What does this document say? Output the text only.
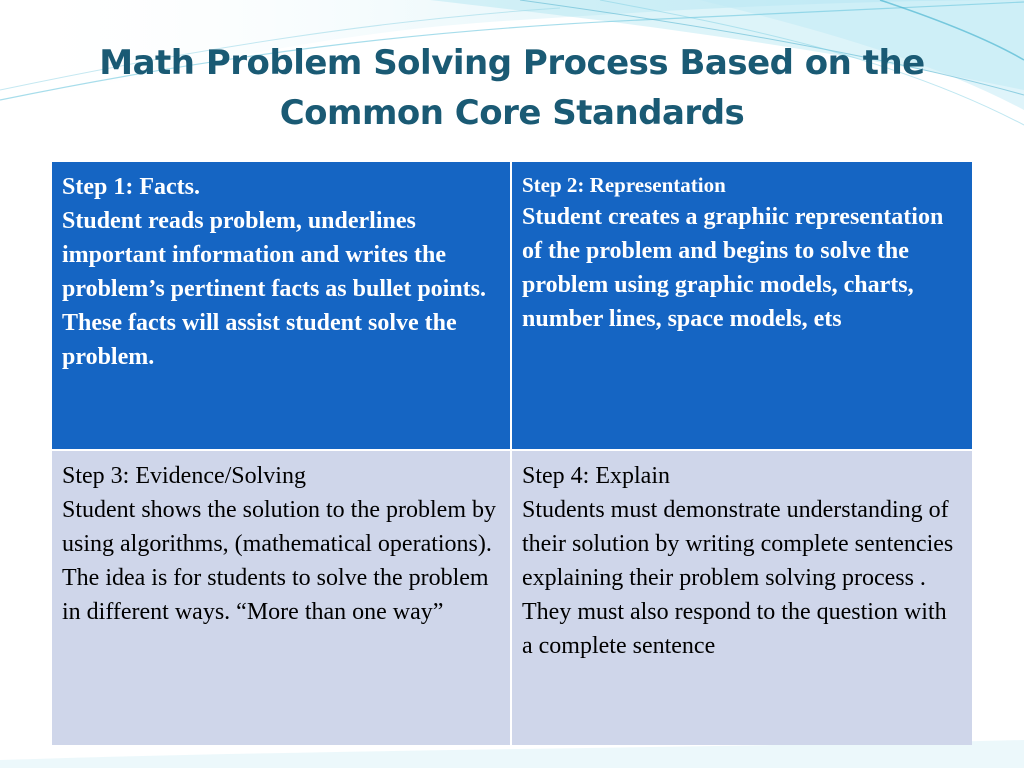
Math Problem Solving Process Based on the
Common Core Standards
Step 1: Facts.
Student reads problem, underlines important information and writes the problem’s pertinent facts as bullet points. These facts will assist student solve the problem.
Step 2: Representation
Student creates a graphiic representation of the problem and begins to solve the problem using graphic models, charts, number lines, space models, ets
Step 3: Evidence/Solving
Student shows the solution to the problem by using algorithms, (mathematical operations). The idea is for students to solve the problem in different ways. “More than one way”
Step 4: Explain
Students must demonstrate understanding of their solution by writing complete sentencies explaining their problem solving process . They must also respond to the question with a complete sentence
